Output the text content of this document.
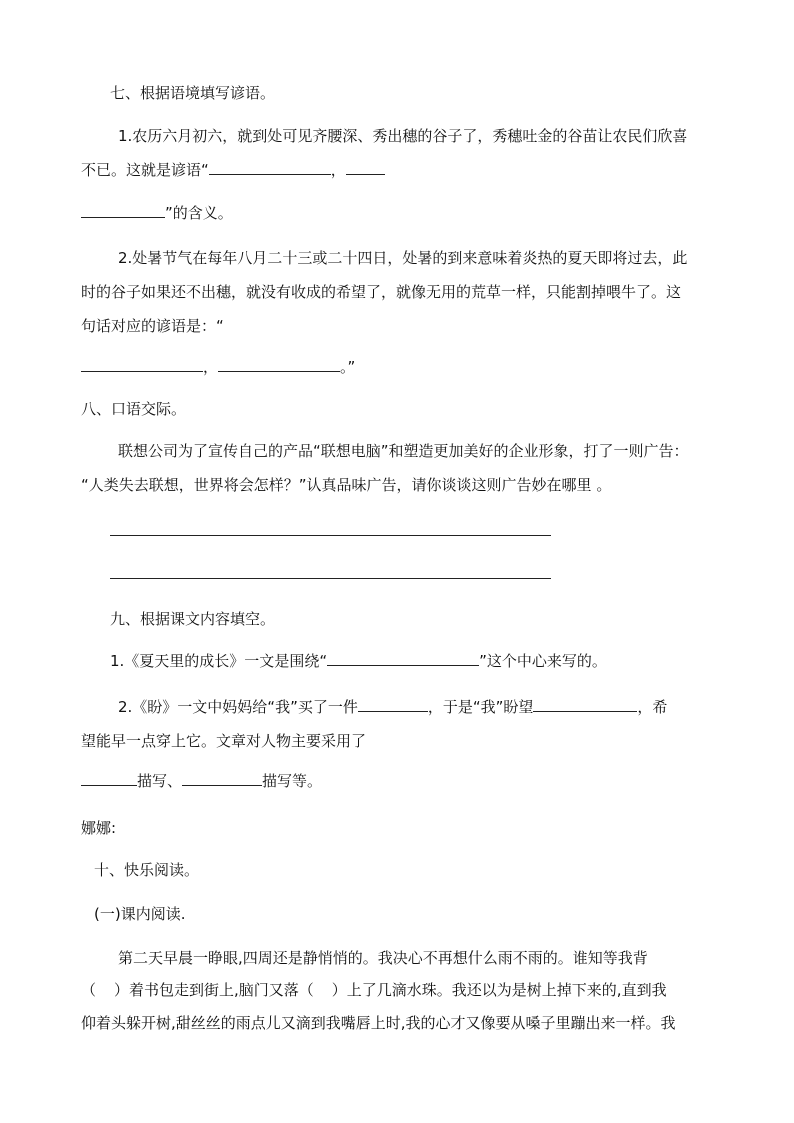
七、根据语境填写谚语。
1.农历六月初六，就到处可见齐腰深、秀出穗的谷子了，秀穗吐金的谷苗让农民们欣喜
不已。这就是谚语“	，
”的含义。
2.处暑节气在每年八月二十三或二十四日，处暑的到来意味着炎热的夏天即将过去，此
时的谷子如果还不出穗，就没有收成的希望了，就像无用的荒草一样，只能割掉喂牛了。这
句话对应的谚语是：“
，	。”
八、口语交际。
联想公司为了宣传自己的产品“联想电脑”和塑造更加美好的企业形象，打了一则广告：
“人类失去联想，世界将会怎样？”认真品味广告，请你谈谈这则广告妙在哪里 。
九、根据课文内容填空。
1.《夏天里的成长》一文是围绕“	”这个中心来写的。
2.《盼》一文中妈妈给“我”买了一件	，于是“我”盼望	，希
望能早一点穿上它。文章对人物主要采用了
描写、	描写等。
娜娜:
十、快乐阅读。
(一)课内阅读.
第二天早晨一睁眼,四周还是静悄悄的。我决心不再想什么雨不雨的。谁知等我背
（ ）着书包走到街上,脑门又落（ ）上了几滴水珠。我还以为是树上掉下来的,直到我
仰着头躲开树,甜丝丝的雨点儿又滴到我嘴唇上时,我的心才又像要从嗓子里蹦出来一样。我
